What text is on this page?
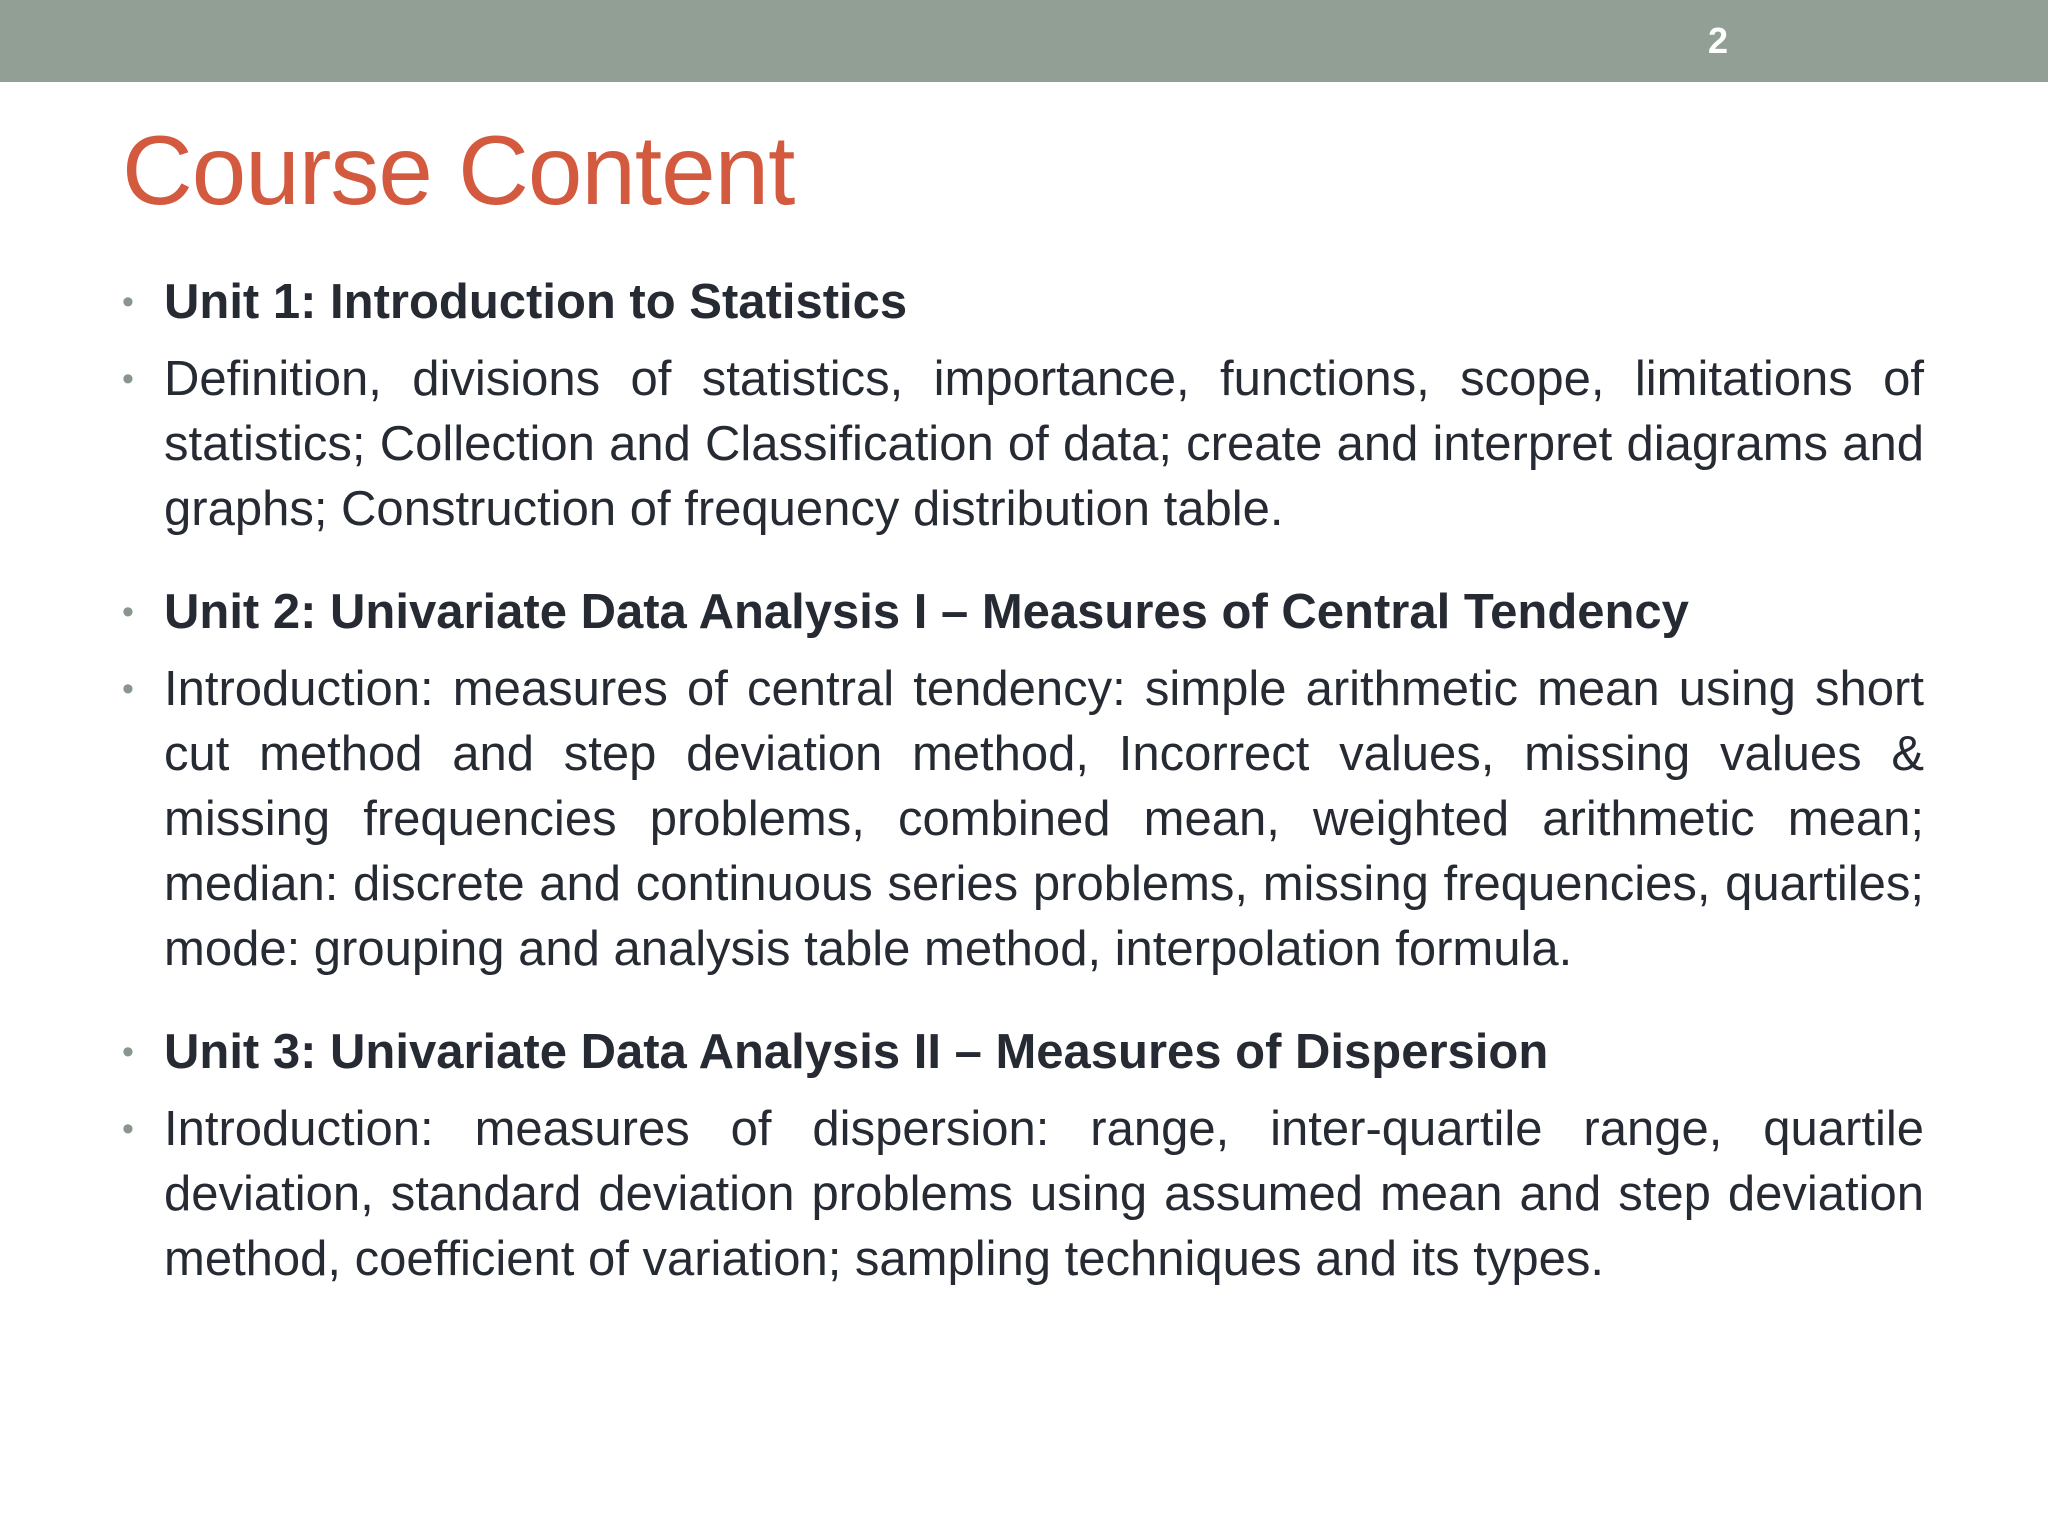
2
Course Content
• Unit 1: Introduction to Statistics
• Definition, divisions of statistics, importance, functions, scope, limitations of statistics; Collection and Classification of data; create and interpret diagrams and graphs; Construction of frequency distribution table.
• Unit 2: Univariate Data Analysis I – Measures of Central Tendency
• Introduction: measures of central tendency: simple arithmetic mean using short cut method and step deviation method, Incorrect values, missing values & missing frequencies problems, combined mean, weighted arithmetic mean; median: discrete and continuous series problems, missing frequencies, quartiles; mode: grouping and analysis table method, interpolation formula.
• Unit 3: Univariate Data Analysis II – Measures of Dispersion
• Introduction: measures of dispersion: range, inter-quartile range, quartile deviation, standard deviation problems using assumed mean and step deviation method, coefficient of variation; sampling techniques and its types.
